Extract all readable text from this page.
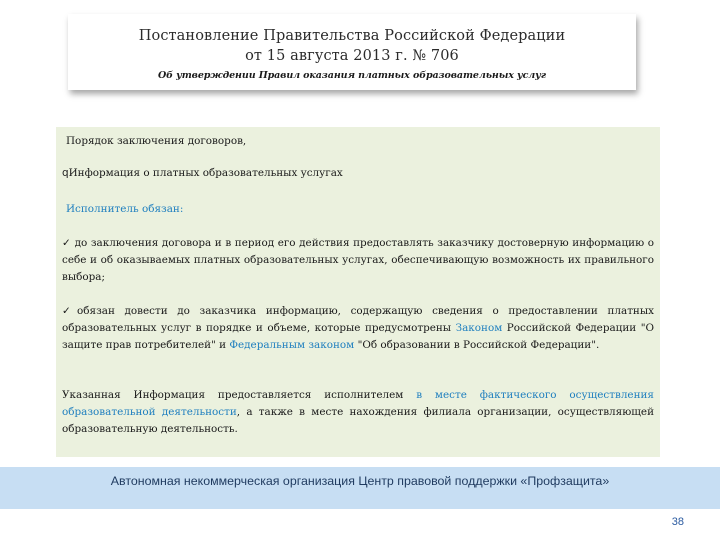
Постановление Правительства Российской Федерации
от 15 августа 2013 г. № 706
Об утверждении Правил оказания платных образовательных услуг
Порядок заключения договоров,
qИнформация о платных образовательных услугах
Исполнитель обязан:
✓ до заключения договора и в период его действия предоставлять заказчику достоверную информацию о себе и об оказываемых платных образовательных услугах, обеспечивающую возможность их правильного выбора;
✓обязан довести до заказчика информацию, содержащую сведения о предоставлении платных образовательных услуг в порядке и объеме, которые предусмотрены Законом Российской Федерации "О защите прав потребителей" и Федеральным законом "Об образовании в Российской Федерации".
Указанная Информация предоставляется исполнителем в месте фактического осуществления образовательной деятельности, а также в месте нахождения филиала организации, осуществляющей образовательную деятельность.
Автономная некоммерческая организация Центр правовой поддержки «Профзащита»
38
